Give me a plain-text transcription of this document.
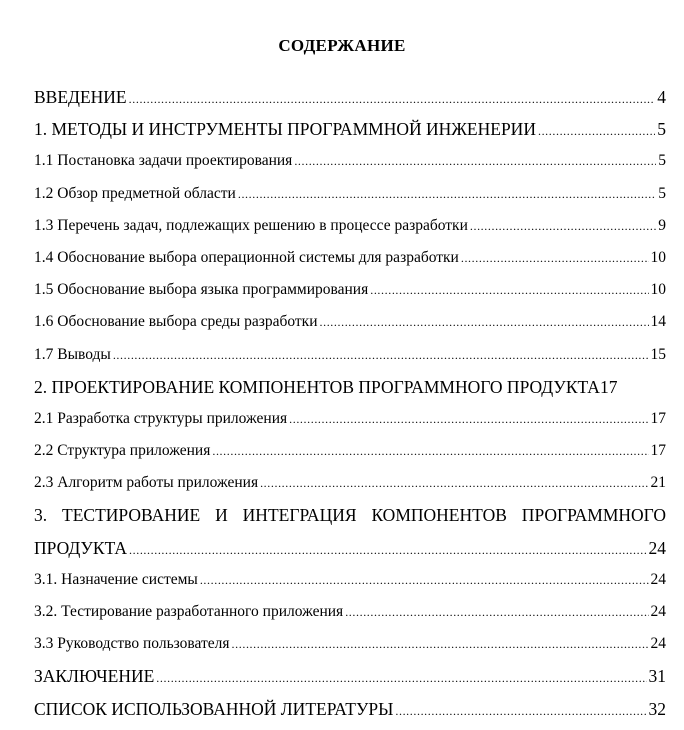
СОДЕРЖАНИЕ
ВВЕДЕНИЕ .....	4
1. МЕТОДЫ И ИНСТРУМЕНТЫ ПРОГРАММНОЙ ИНЖЕНЕРИИ .....	5
1.1 Постановка задачи проектирования .....	5
1.2 Обзор предметной области .....	5
1.3 Перечень задач, подлежащих решению в процессе разработки .....	9
1.4 Обоснование выбора операционной системы для разработки .....	10
1.5 Обоснование выбора языка программирования .....	10
1.6 Обоснование выбора среды разработки .....	14
1.7 Выводы .....	15
2. ПРОЕКТИРОВАНИЕ КОМПОНЕНТОВ ПРОГРАММНОГО ПРОДУКТА 17
2.1 Разработка структуры приложения .....	17
2.2 Структура приложения .....	17
2.3 Алгоритм работы приложения .....	21
3. ТЕСТИРОВАНИЕ И ИНТЕГРАЦИЯ КОМПОНЕНТОВ ПРОГРАММНОГО
ПРОДУКТА .....	24
3.1. Назначение системы .....	24
3.2. Тестирование разработанного приложения .....	24
3.3 Руководство пользователя .....	24
ЗАКЛЮЧЕНИЕ .....	31
СПИСОК ИСПОЛЬЗОВАННОЙ ЛИТЕРАТУРЫ .....	32
